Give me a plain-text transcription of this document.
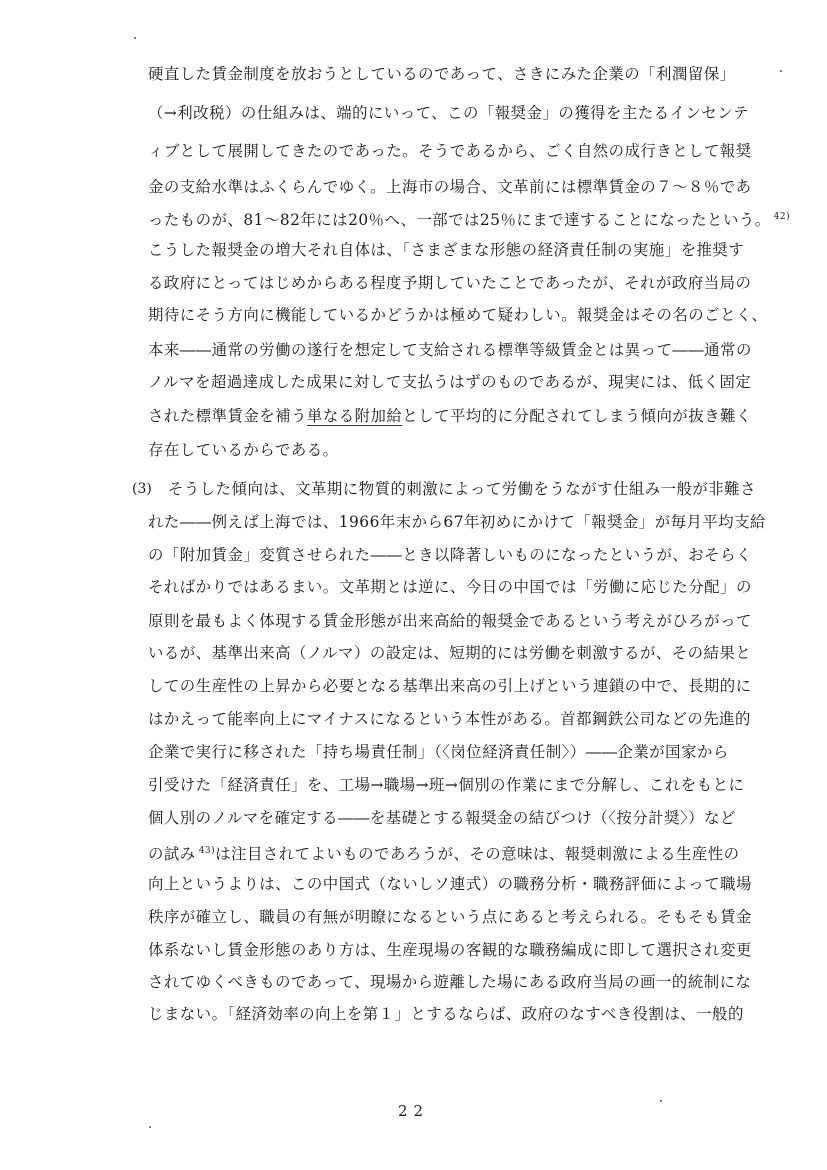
硬直した賃金制度を放おうとしているのであって、さきにみた企業の「利潤留保」
（→利改税）の仕組みは、端的にいって、この「報奨金」の獲得を主たるインセンテ
ィブとして展開してきたのであった。そうであるから、ごく自然の成行きとして報奨
金の支給水準はふくらんでゆく。上海市の場合、文革前には標準賃金の７～８％であ
ったものが、81～82年には20％へ、一部では25％にまで達することになったという。 $^{42)}$
こうした報奨金の増大それ自体は、「さまざまな形態の経済責任制の実施」を推奨す
る政府にとってはじめからある程度予期していたことであったが、それが政府当局の
期待にそう方向に機能しているかどうかは極めて疑わしい。報奨金はその名のごとく、
本来――通常の労働の遂行を想定して支給される標準等級賃金とは異って――通常の
ノルマを超過達成した成果に対して支払うはずのものであるが、現実には、低く固定
された標準賃金を補う単なる附加給として平均的に分配されてしまう傾向が抜き難く
存在しているからである。
(3) そうした傾向は、文革期に物質的刺激によって労働をうながす仕組み一般が非難さ
れた――例えば上海では、1966年末から67年初めにかけて「報奨金」が毎月平均支給
の「附加賃金」変質させられた――とき以降著しいものになったというが、おそらく
そればかりではあるまい。文革期とは逆に、今日の中国では「労働に応じた分配」の
原則を最もよく体現する賃金形態が出来高給的報奨金であるという考えがひろがって
いるが、基準出来高（ノルマ）の設定は、短期的には労働を刺激するが、その結果と
しての生産性の上昇から必要となる基準出来高の引上げという連鎖の中で、長期的に
はかえって能率向上にマイナスになるという本性がある。首都鋼鉄公司などの先進的
企業で実行に移された「持ち場責任制」（〈岗位経済責任制〉）――企業が国家から
引受けた「経済責任」を、工場→職場→班→個別の作業にまで分解し、これをもとに
個人別のノルマを確定する――を基礎とする報奨金の結びつけ（〈按分計奨〉）など
の試み $^{43)}$は注目されてよいものであろうが、その意味は、報奨刺激による生産性の
向上というよりは、この中国式（ないしソ連式）の職務分析・職務評価によって職場
秩序が確立し、職員の有無が明瞭になるという点にあると考えられる。そもそも賃金
体系ないし賃金形態のあり方は、生産現場の客観的な職務編成に即して選択され変更
されてゆくべきものであって、現場から遊離した場にある政府当局の画一的統制にな
じまない。「経済効率の向上を第１」とするならば、政府のなすべき役割は、一般的
22
